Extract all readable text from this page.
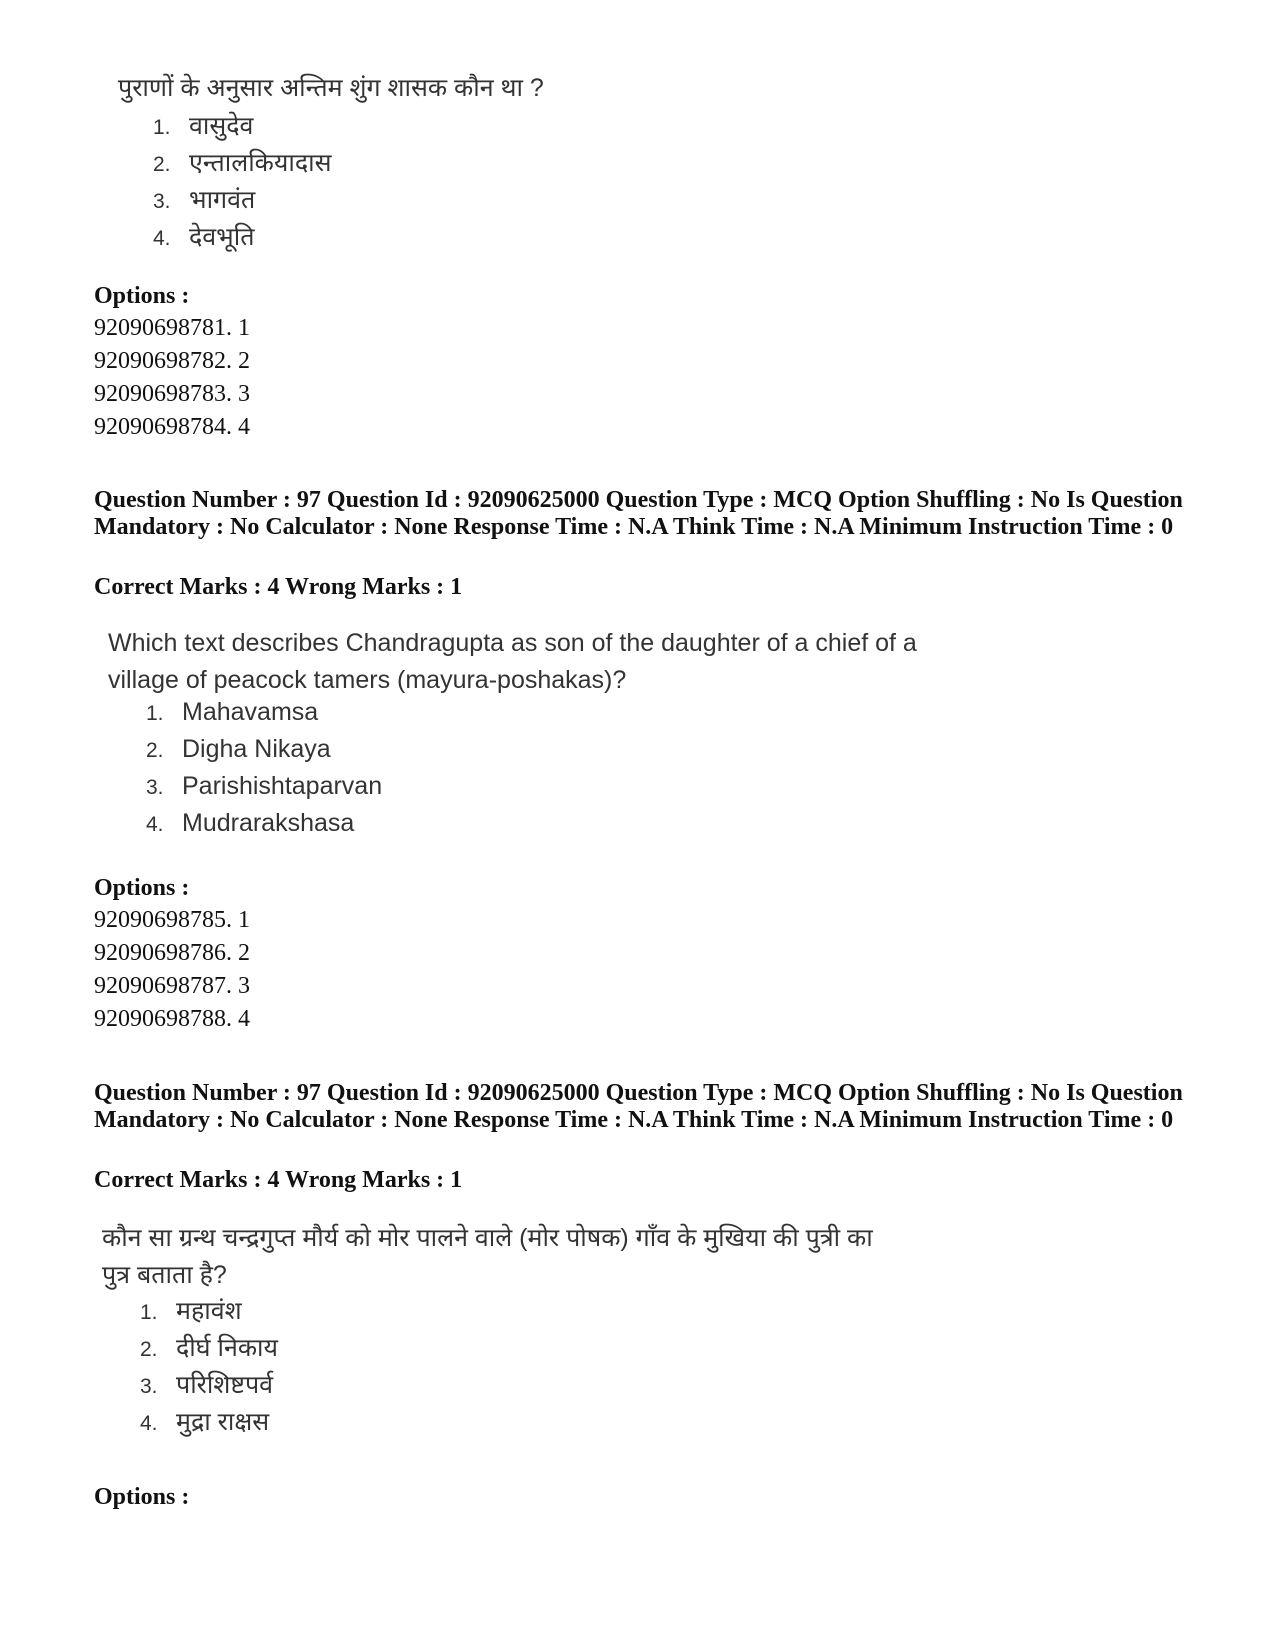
पुराणों के अनुसार अन्तिम शुंग शासक कौन था ?
1. वासुदेव
2. एन्तालकियादास
3. भागवंत
4. देवभूति
Options :
92090698781. 1
92090698782. 2
92090698783. 3
92090698784. 4
Question Number : 97 Question Id : 92090625000 Question Type : MCQ Option Shuffling : No Is Question Mandatory : No Calculator : None Response Time : N.A Think Time : N.A Minimum Instruction Time : 0
Correct Marks : 4 Wrong Marks : 1
Which text describes Chandragupta as son of the daughter of a chief of a
village of peacock tamers (mayura-poshakas)?
1. Mahavamsa
2. Digha Nikaya
3. Parishishtaparvan
4. Mudrarakshasa
Options :
92090698785. 1
92090698786. 2
92090698787. 3
92090698788. 4
Question Number : 97 Question Id : 92090625000 Question Type : MCQ Option Shuffling : No Is Question Mandatory : No Calculator : None Response Time : N.A Think Time : N.A Minimum Instruction Time : 0
Correct Marks : 4 Wrong Marks : 1
कौन सा ग्रन्थ चन्द्रगुप्त मौर्य को मोर पालने वाले (मोर पोषक) गाँव के मुखिया की पुत्री का
पुत्र बताता है?
1. महावंश
2. दीर्घ निकाय
3. परिशिष्टपर्व
4. मुद्रा राक्षस
Options :
